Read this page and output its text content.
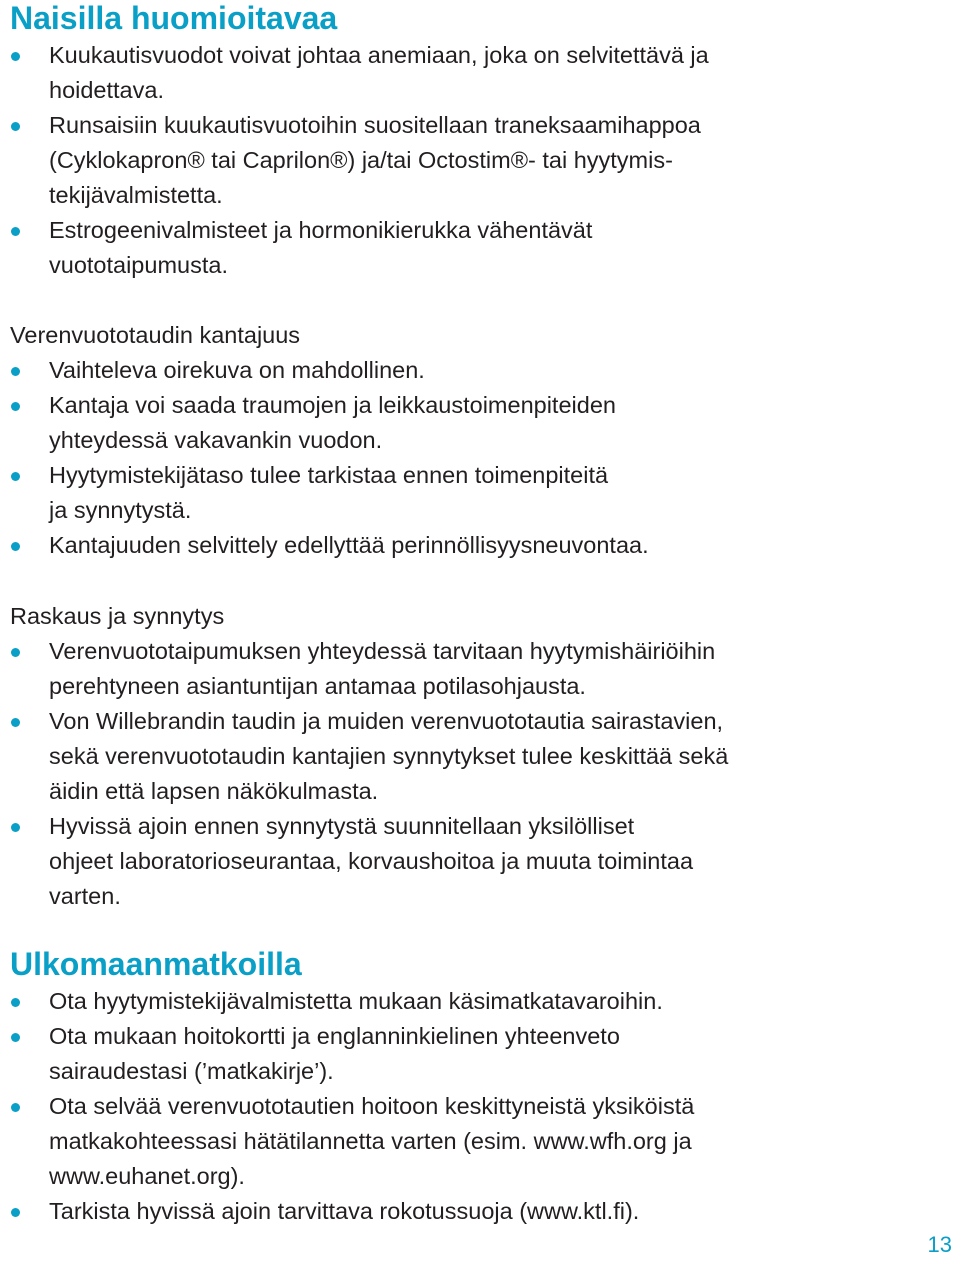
Naisilla huomioitavaa
Kuukautisvuodot voivat johtaa anemiaan, joka on selvitettävä ja
hoidettava.
Runsaisiin kuukautisvuotoihin suositellaan traneksaamihappoa
(Cyklokapron® tai Caprilon®) ja/tai Octostim®- tai hyytymis-
tekijävalmistetta.
Estrogeenivalmisteet ja hormonikierukka vähentävät
vuototaipumusta.
Verenvuototaudin kantajuus
Vaihteleva oirekuva on mahdollinen.
Kantaja voi saada traumojen ja leikkaustoimenpiteiden
yhteydessä vakavankin vuodon.
Hyytymistekijätaso tulee tarkistaa ennen toimenpiteitä
ja synnytystä.
Kantajuuden selvittely edellyttää perinnöllisyysneuvontaa.
Raskaus ja synnytys
Verenvuototaipumuksen yhteydessä tarvitaan hyytymishäiriöihin
perehtyneen asiantuntijan antamaa potilasohjausta.
Von Willebrandin taudin ja muiden verenvuototautia sairastavien,
sekä verenvuototaudin kantajien synnytykset tulee keskittää sekä
äidin että lapsen näkökulmasta.
Hyvissä ajoin ennen synnytystä suunnitellaan yksilölliset
ohjeet laboratorioseurantaa, korvaushoitoa ja muuta toimintaa
varten.
Ulkomaanmatkoilla
Ota hyytymistekijävalmistetta mukaan käsimatkatavaroihin.
Ota mukaan hoitokortti ja englanninkielinen yhteenveto
sairaudestasi (’matkakirje’).
Ota selvää verenvuototautien hoitoon keskittyneistä yksiköistä
matkakohteessasi hätätilannetta varten (esim. www.wfh.org ja
www.euhanet.org).
Tarkista hyvissä ajoin tarvittava rokotussuoja (www.ktl.fi).
13
